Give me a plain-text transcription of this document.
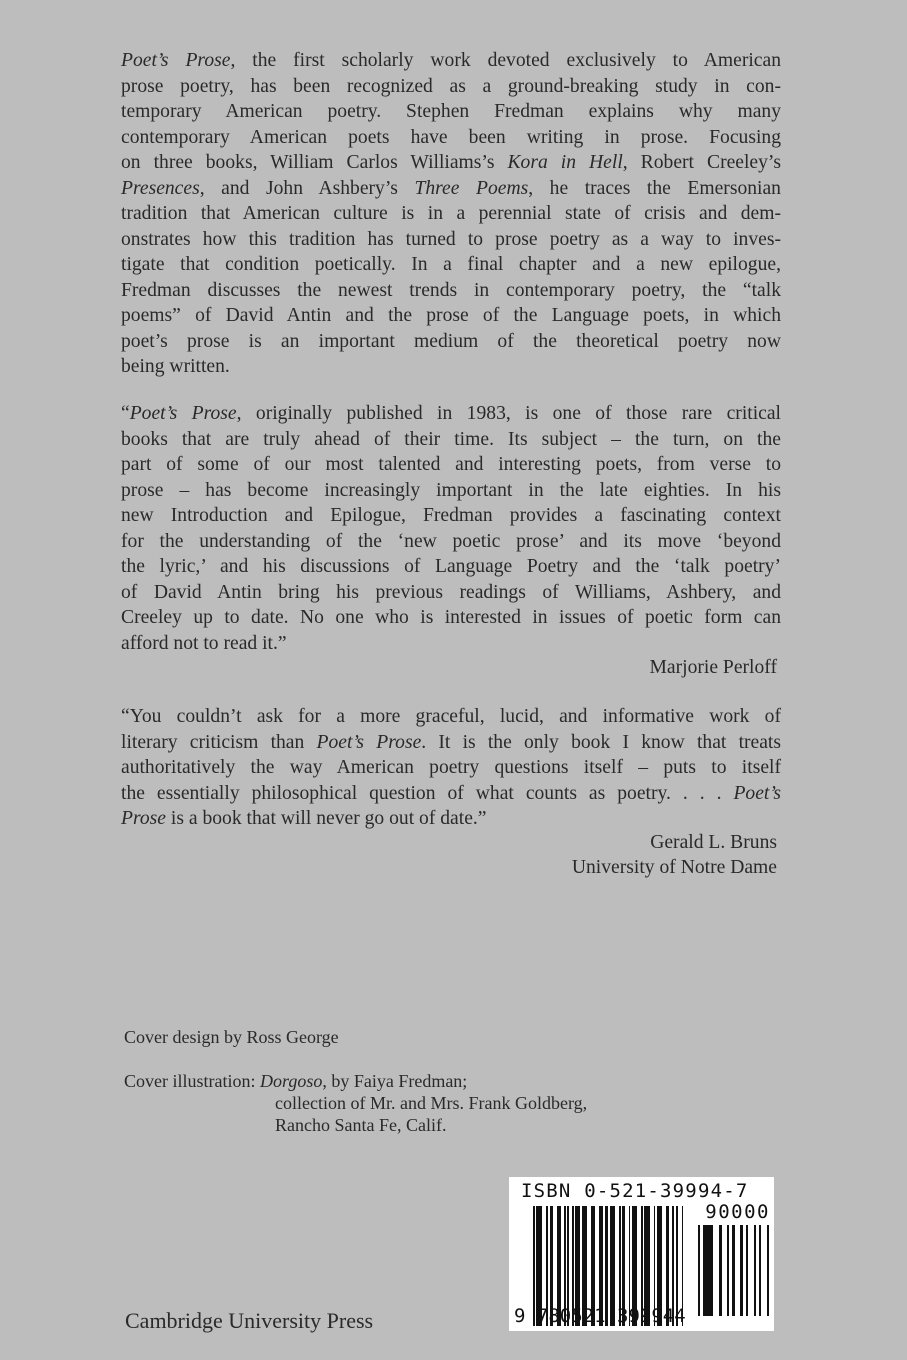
Poet’s Prose, the first scholarly work devoted exclusively to American
prose poetry, has been recognized as a ground-breaking study in con-
temporary American poetry. Stephen Fredman explains why many
contemporary American poets have been writing in prose. Focusing
on three books, William Carlos Williams’s Kora in Hell, Robert Creeley’s
Presences, and John Ashbery’s Three Poems, he traces the Emersonian
tradition that American culture is in a perennial state of crisis and dem-
onstrates how this tradition has turned to prose poetry as a way to inves-
tigate that condition poetically. In a final chapter and a new epilogue,
Fredman discusses the newest trends in contemporary poetry, the “talk
poems” of David Antin and the prose of the Language poets, in which
poet’s prose is an important medium of the theoretical poetry now
being written.
“Poet’s Prose, originally published in 1983, is one of those rare critical
books that are truly ahead of their time. Its subject – the turn, on the
part of some of our most talented and interesting poets, from verse to
prose – has become increasingly important in the late eighties. In his
new Introduction and Epilogue, Fredman provides a fascinating context
for the understanding of the ‘new poetic prose’ and its move ‘beyond
the lyric,’ and his discussions of Language Poetry and the ‘talk poetry’
of David Antin bring his previous readings of Williams, Ashbery, and
Creeley up to date. No one who is interested in issues of poetic form can
afford not to read it.”
Marjorie Perloff
“You couldn’t ask for a more graceful, lucid, and informative work of
literary criticism than Poet’s Prose. It is the only book I know that treats
authoritatively the way American poetry questions itself – puts to itself
the essentially philosophical question of what counts as poetry. . . . Poet’s
Prose is a book that will never go out of date.”
Gerald L. Bruns
University of Notre Dame
Cover design by Ross George
Cover illustration: Dorgoso, by Faiya Fredman;
collection of Mr. and Mrs. Frank Goldberg,
Rancho Santa Fe, Calif.
Cambridge University Press
ISBN 0-521-39994-7
90000
9 780521 399944
